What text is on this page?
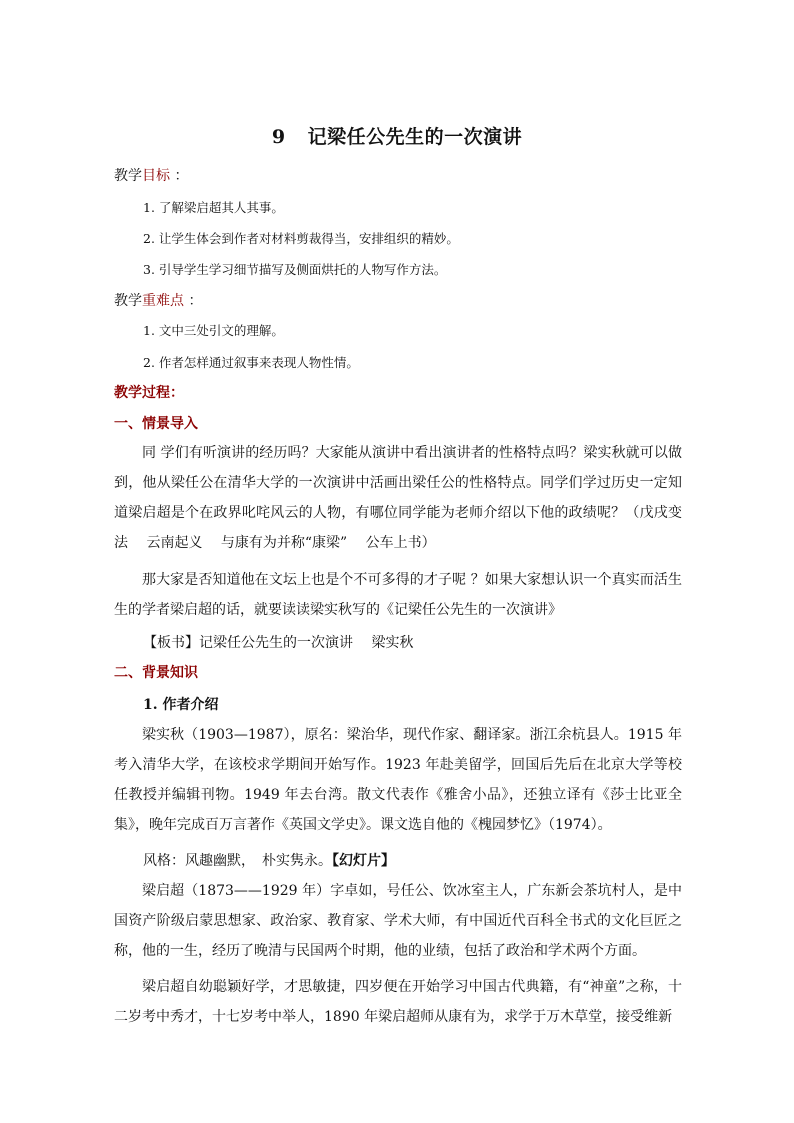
9 记梁任公先生的一次演讲
教学目标 ：
1. 了解梁启超其人其事。
2. 让学生体会到作者对材料剪裁得当，安排组织的精妙。
3. 引导学生学习细节描写及侧面烘托的人物写作方法。
教学重难点 ：
1. 文中三处引文的理解。
2. 作者怎样通过叙事来表现人物性情。
教学过程：
一、情景导入
同 学们有听演讲的经历吗？大家能从演讲中看出演讲者的性格特点吗？梁实秋就可以做到，他从梁任公在清华大学的一次演讲中活画出梁任公的性格特点。同学们学过历史一定知道梁启超是个在政界叱咤风云的人物，有哪位同学能为老师介绍以下他的政绩呢？（戊戌变法　 云南起义　 与康有为并称“康梁”　 公车上书）
那大家是否知道他在文坛上也是个不可多得的才子呢 ？如果大家想认识一个真实而活生生的学者梁启超的话，就要读读梁实秋写的《记梁任公先生的一次演讲》
【板书】记梁任公先生的一次演讲　 梁实秋
二、背景知识
1. 作者介绍
梁实秋（1903—1987），原名：梁治华，现代作家、翻译家。浙江余杭县人。1915 年考入清华大学，在该校求学期间开始写作。1923 年赴美留学，回国后先后在北京大学等校任教授并编辑刊物。1949 年去台湾。散文代表作《雅舍小品》，还独立译有《莎士比亚全集》，晚年完成百万言著作《英国文学史》。课文选自他的《槐园梦忆》（1974）。
风格：风趣幽默，　朴实隽永。【幻灯片】
梁启超（1873——1929 年）字卓如，号任公、饮冰室主人，广东新会茶坑村人，是中国资产阶级启蒙思想家、政治家、教育家、学术大师，有中国近代百科全书式的文化巨匠之称，他的一生，经历了晚清与民国两个时期，他的业绩，包括了政治和学术两个方面。
梁启超自幼聪颖好学，才思敏捷，四岁便在开始学习中国古代典籍，有“神童”之称，十二岁考中秀才，十七岁考中举人，1890 年梁启超师从康有为，求学于万木草堂，接受维新
